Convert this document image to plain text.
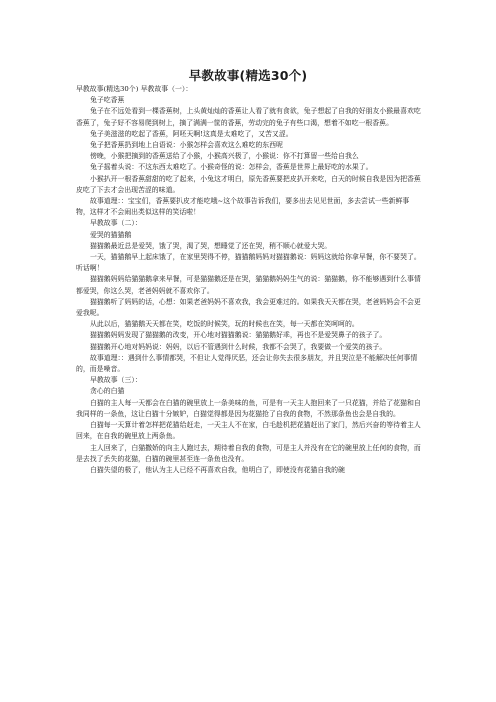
早教故事(精选30个)

早教故事(精选30个) 早教故事（一）：

兔子吃香蕉

兔子在不远处看到一棵香蕉树，上头黄灿灿的香蕉让人看了就有食欲，兔子想起了自我的好朋友小猴最喜欢吃香蕉了，兔子好不容易爬到树上，摘了满满一筐的香蕉，劳动完的兔子有些口渴，想着不如吃一根香蕉。

兔子美滋滋的吃起了香蕉，阿呸天啊!这真是太难吃了，又苦又涩。

兔子把香蕉扔到地上自语说：小猴怎样会喜欢这么难吃的东西呢

傍晚，小猴把摘到的香蕉送给了小猴，小猴高兴极了，小猴说：你不打算留一些给自我么

兔子摇着头说：不这东西太难吃了。小猴奇怪的说：怎样会，香蕉是世界上最好吃的水果了。

小猴扒开一根香蕉甜甜的吃了起来，小兔这才明白，原先香蕉要把皮扒开来吃，白天的时候自我是因为把香蕉皮吃了下去才会出现苦涩的味道。

故事道理：：宝宝们，香蕉要扒皮才能吃哦~这个故事告诉我们，要多出去见见世面，多去尝试一些新鲜事物，这样才不会闹出类似这样的笑话啦！

早教故事（二）：

爱哭的猫猫鹅

猫猫鹅最近总是爱哭，饿了哭，渴了哭，想睡觉了还在哭，稍不顺心就爱大哭。

一天，猫猫鹅早上起床饿了，在家里哭得不停，猫猫鹅妈妈对猫猫鹅说：妈妈这就给你拿早餐，你不要哭了。听话啊！

猫猫鹅妈妈给猫猫鹅拿来早餐，可是猫猫鹅还是在哭，猫猫鹅妈妈生气的说：猫猫鹅，你不能够遇到什么事情都爱哭，你这么哭，老爸妈妈就不喜欢你了。

猫猫鹅听了妈妈的话，心想：如果老爸妈妈不喜欢我，我会更难过的。如果我天天都在哭，老爸妈妈会不会更爱我呢。

从此以后，猫猫鹅天天都在笑，吃饭的时候笑，玩的时候也在笑，每一天都在笑呵呵的。

猫猫鹅妈妈发现了猫猫鹅的改变，开心地对猫猫鹅说：猫猫鹅好乖，再也不是爱哭鼻子的孩子了。

猫猫鹅开心地对妈妈说：妈妈，以后不管遇到什么时候，我都不会哭了，我要做一个爱笑的孩子。

故事道理：：遇到什么事情都哭，不但让人觉得厌恶，还会让你失去很多朋友，并且哭泣是不能解决任何事情的，而是噪音。

早教故事（三）：

贪心的白猫

白猫的主人每一天都会在白猫的碗里放上一条美味的鱼，可是有一天主人抱回来了一只花猫，并给了花猫和自我同样的一条鱼，这让白猫十分嫉妒，白猫觉得都是因为花猫抢了自我的食物，不然那条鱼也会是自我的。

白猫每一天算计着怎样把花猫给赶走，一天主人不在家，白毛趁机把花猫赶出了家门，然后兴奋的等待着主人回来，在自我的碗里放上两条鱼。

主人回来了，白猫撒娇的向主人跑过去，期待着自我的食物，可是主人并没有在它的碗里放上任何的食物，而是去找了丢失的花猫，白猫的碗里甚至连一条鱼也没有。

白猫失望的极了，他认为主人已经不再喜欢自我，他明白了，即使没有花猫自我的碗
